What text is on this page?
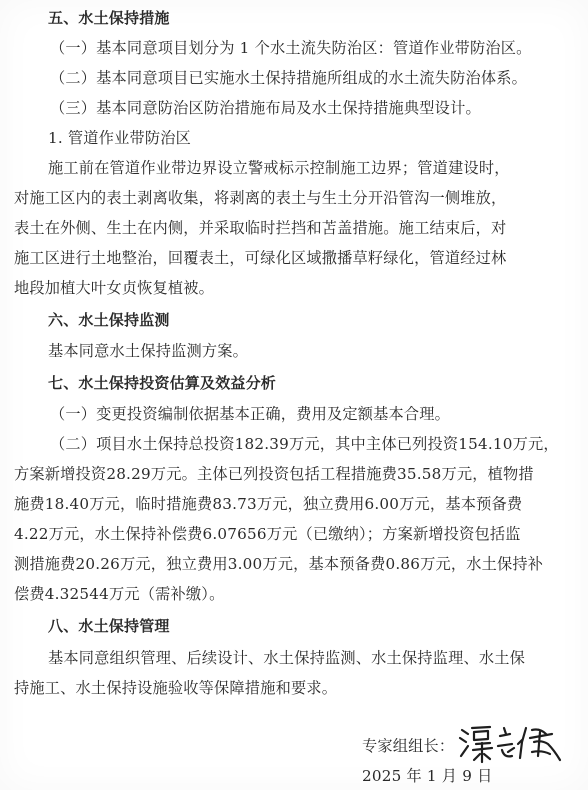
五、水土保持措施
（一）基本同意项目划分为 1 个水土流失防治区：管道作业带防治区。
（二）基本同意项目已实施水土保持措施所组成的水土流失防治体系。
（三）基本同意防治区防治措施布局及水土保持措施典型设计。
1. 管道作业带防治区
施工前在管道作业带边界设立警戒标示控制施工边界；管道建设时，
对施工区内的表土剥离收集，将剥离的表土与生土分开沿管沟一侧堆放，
表土在外侧、生土在内侧，并采取临时拦挡和苫盖措施。施工结束后，对
施工区进行土地整治，回覆表土，可绿化区域撒播草籽绿化，管道经过林
地段加植大叶女贞恢复植被。
六、水土保持监测
基本同意水土保持监测方案。
七、水土保持投资估算及效益分析
（一）变更投资编制依据基本正确，费用及定额基本合理。
（二）项目水土保持总投资182.39万元，其中主体已列投资154.10万元，
方案新增投资28.29万元。主体已列投资包括工程措施费35.58万元，植物措
施费18.40万元，临时措施费83.73万元，独立费用6.00万元，基本预备费
4.22万元，水土保持补偿费6.07656万元（已缴纳）；方案新增投资包括监
测措施费20.26万元，独立费用3.00万元，基本预备费0.86万元，水土保持补
偿费4.32544万元（需补缴）。
八、水土保持管理
基本同意组织管理、后续设计、水土保持监测、水土保持监理、水土保
持施工、水土保持设施验收等保障措施和要求。
专家组组长：
2025 年 1 月 9 日
